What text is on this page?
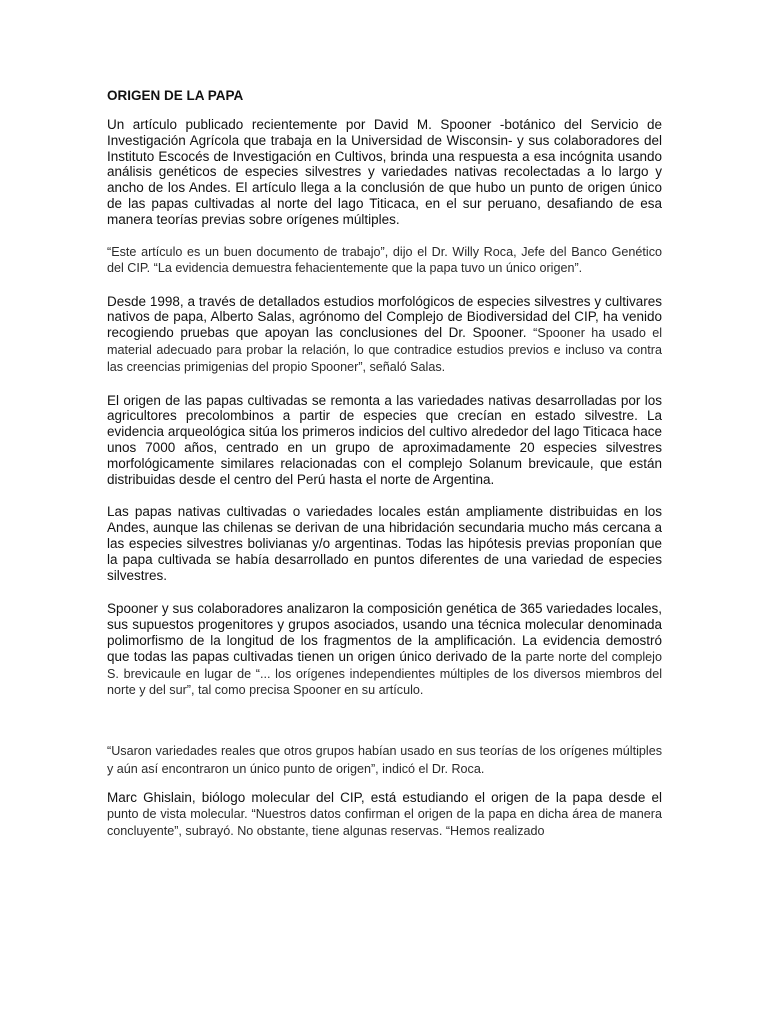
ORIGEN DE LA PAPA

Un artículo publicado recientemente por David M. Spooner -botánico del Servicio de Investigación Agrícola que trabaja en la Universidad de Wisconsin- y sus colaboradores del Instituto Escocés de Investigación en Cultivos, brinda una respuesta a esa incógnita usando análisis genéticos de especies silvestres y variedades nativas recolectadas a lo largo y ancho de los Andes. El artículo llega a la conclusión de que hubo un punto de origen único de las papas cultivadas al norte del lago Titicaca, en el sur peruano, desafiando de esa manera teorías previas sobre orígenes múltiples.

“Este artículo es un buen documento de trabajo”, dijo el Dr. Willy Roca, Jefe del Banco Genético del CIP. “La evidencia demuestra fehacientemente que la papa tuvo un único origen”.

Desde 1998, a través de detallados estudios morfológicos de especies silvestres y cultivares nativos de papa, Alberto Salas, agrónomo del Complejo de Biodiversidad del CIP, ha venido recogiendo pruebas que apoyan las conclusiones del Dr. Spooner. “Spooner ha usado el material adecuado para probar la relación, lo que contradice estudios previos e incluso va contra las creencias primigenias del propio Spooner”, señaló Salas.

El origen de las papas cultivadas se remonta a las variedades nativas desarrolladas por los agricultores precolombinos a partir de especies que crecían en estado silvestre. La evidencia arqueológica sitúa los primeros indicios del cultivo alrededor del lago Titicaca hace unos 7000 años, centrado en un grupo de aproximadamente 20 especies silvestres morfológicamente similares relacionadas con el complejo Solanum brevicaule, que están distribuidas desde el centro del Perú hasta el norte de Argentina.

Las papas nativas cultivadas o variedades locales están ampliamente distribuidas en los Andes, aunque las chilenas se derivan de una hibridación secundaria mucho más cercana a las especies silvestres bolivianas y/o argentinas. Todas las hipótesis previas proponían que la papa cultivada se había desarrollado en puntos diferentes de una variedad de especies silvestres.

Spooner y sus colaboradores analizaron la composición genética de 365 variedades locales, sus supuestos progenitores y grupos asociados, usando una técnica molecular denominada polimorfismo de la longitud de los fragmentos de la amplificación. La evidencia demostró que todas las papas cultivadas tienen un origen único derivado de la parte norte del complejo S. brevicaule en lugar de “... los orígenes independientes múltiples de los diversos miembros del norte y del sur”, tal como precisa Spooner en su artículo.

“Usaron variedades reales que otros grupos habían usado en sus teorías de los orígenes múltiples y aún así encontraron un único punto de origen”, indicó el Dr. Roca.

Marc Ghislain, biólogo molecular del CIP, está estudiando el origen de la papa desde el punto de vista molecular. “Nuestros datos confirman el origen de la papa en dicha área de manera concluyente”, subrayó. No obstante, tiene algunas reservas. “Hemos realizado
